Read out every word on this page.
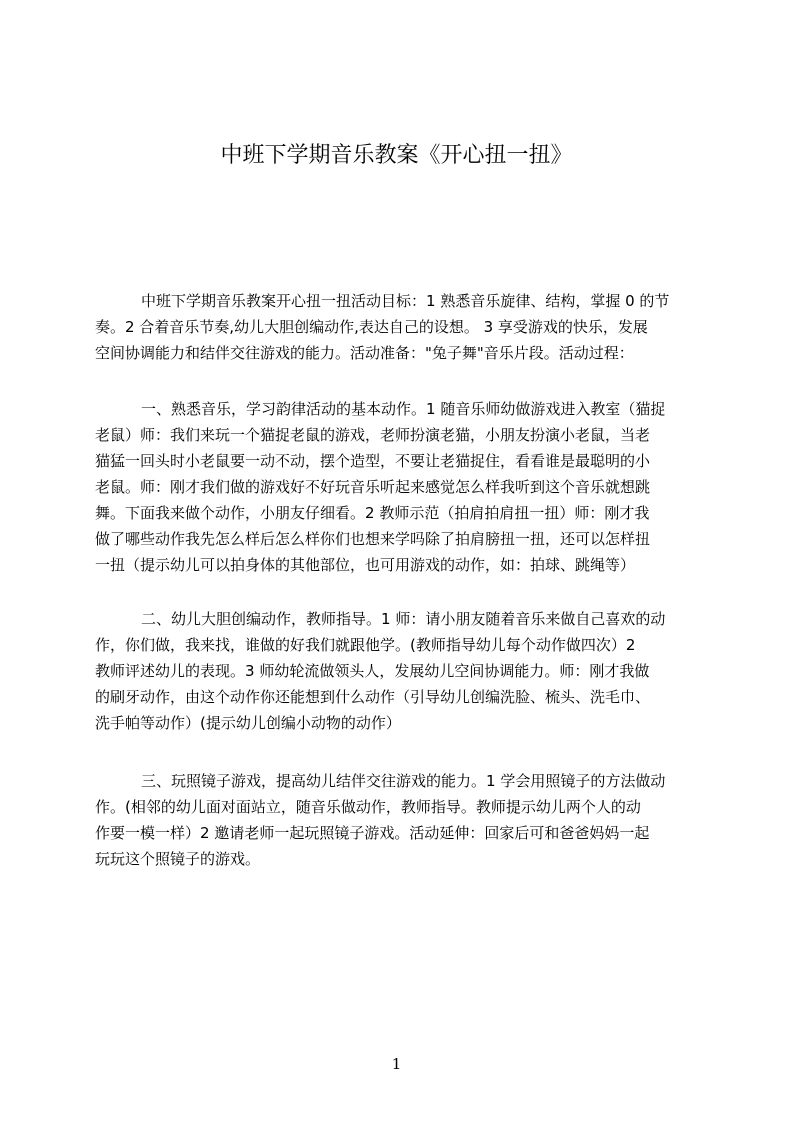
中班下学期音乐教案《开心扭一扭》
中班下学期音乐教案开心扭一扭活动目标：1 熟悉音乐旋律、结构，掌握 0 的节
奏。2 合着音乐节奏,幼儿大胆创编动作,表达自己的设想。 3 享受游戏的快乐，发展
空间协调能力和结伴交往游戏的能力。活动准备："兔子舞"音乐片段。活动过程：
一、熟悉音乐，学习韵律活动的基本动作。1 随音乐师幼做游戏进入教室（猫捉
老鼠）师：我们来玩一个猫捉老鼠的游戏，老师扮演老猫，小朋友扮演小老鼠，当老
猫猛一回头时小老鼠要一动不动，摆个造型，不要让老猫捉住，看看谁是最聪明的小
老鼠。师：刚才我们做的游戏好不好玩音乐听起来感觉怎么样我听到这个音乐就想跳
舞。下面我来做个动作，小朋友仔细看。2 教师示范（拍肩拍肩扭一扭）师：刚才我
做了哪些动作我先怎么样后怎么样你们也想来学吗除了拍肩膀扭一扭，还可以怎样扭
一扭（提示幼儿可以拍身体的其他部位，也可用游戏的动作，如：拍球、跳绳等）
二、幼儿大胆创编动作，教师指导。1 师：请小朋友随着音乐来做自己喜欢的动
作，你们做，我来找，谁做的好我们就跟他学。(教师指导幼儿每个动作做四次）2
教师评述幼儿的表现。3 师幼轮流做领头人，发展幼儿空间协调能力。师：刚才我做
的刷牙动作，由这个动作你还能想到什么动作（引导幼儿创编洗脸、梳头、洗毛巾、
洗手帕等动作）(提示幼儿创编小动物的动作）
三、玩照镜子游戏，提高幼儿结伴交往游戏的能力。1 学会用照镜子的方法做动
作。(相邻的幼儿面对面站立，随音乐做动作，教师指导。教师提示幼儿两个人的动
作要一模一样）2 邀请老师一起玩照镜子游戏。活动延伸：回家后可和爸爸妈妈一起
玩玩这个照镜子的游戏。
1
